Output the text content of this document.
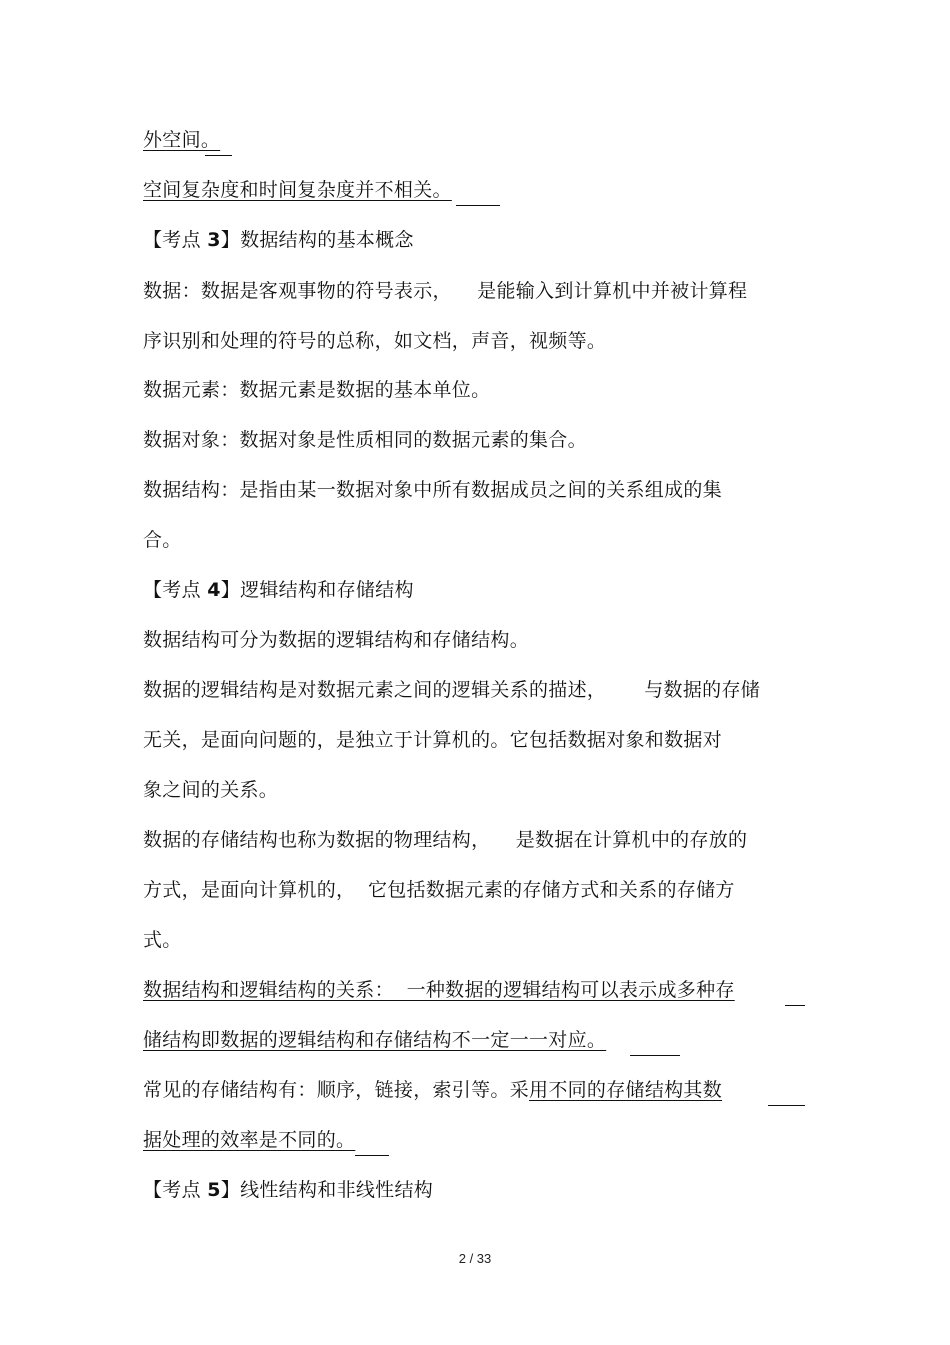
外空间。
空间复杂度和时间复杂度并不相关。
【考点 3】数据结构的基本概念
数据：数据是客观事物的符号表示，    是能输入到计算机中并被计算程
序识别和处理的符号的总称，如文档，声音，视频等。
数据元素：数据元素是数据的基本单位。
数据对象：数据对象是性质相同的数据元素的集合。
数据结构：是指由某一数据对象中所有数据成员之间的关系组成的集
合。
【考点 4】逻辑结构和存储结构
数据结构可分为数据的逻辑结构和存储结构。
数据的逻辑结构是对数据元素之间的逻辑关系的描述，      与数据的存储
无关，是面向问题的，是独立于计算机的。它包括数据对象和数据对
象之间的关系。
数据的存储结构也称为数据的物理结构，    是数据在计算机中的存放的
方式，是面向计算机的，  它包括数据元素的存储方式和关系的存储方
式。
数据结构和逻辑结构的关系：  一种数据的逻辑结构可以表示成多种存
储结构即数据的逻辑结构和存储结构不一定一一对应。
常见的存储结构有：顺序，链接，索引等。采用不同的存储结构其数
据处理的效率是不同的。
【考点 5】线性结构和非线性结构
2 / 33
